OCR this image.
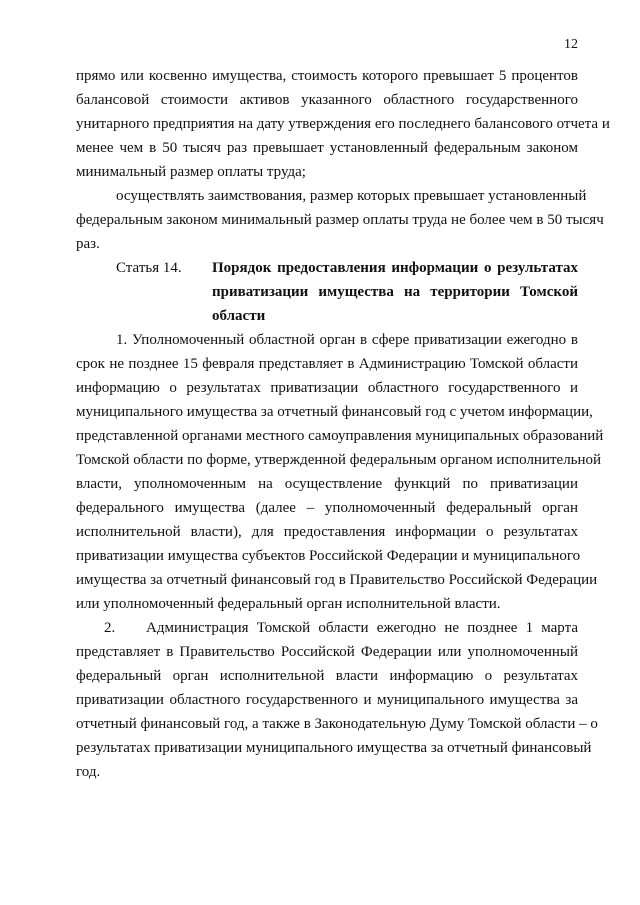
12
прямо или косвенно имущества, стоимость которого превышает 5 процентов
балансовой стоимости активов указанного областного государственного
унитарного предприятия на дату утверждения его последнего балансового отчета и
менее чем в 50 тысяч раз превышает установленный федеральным законом
минимальный размер оплаты труда;
осуществлять заимствования, размер которых превышает установленный
федеральным законом минимальный размер оплаты труда не более чем в 50 тысяч
раз.
Статья 14.	Порядок предоставления информации о результатах
приватизации имущества на территории Томской
области
1. Уполномоченный областной орган в сфере приватизации ежегодно в
срок не позднее 15 февраля представляет в Администрацию Томской области
информацию о результатах приватизации областного государственного и
муниципального имущества за отчетный финансовый год с учетом информации,
представленной органами местного самоуправления муниципальных образований
Томской области по форме, утвержденной федеральным органом исполнительной
власти, уполномоченным на осуществление функций по приватизации
федерального имущества (далее – уполномоченный федеральный орган
исполнительной власти), для предоставления информации о результатах
приватизации имущества субъектов Российской Федерации и муниципального
имущества за отчетный финансовый год в Правительство Российской Федерации
или уполномоченный федеральный орган исполнительной власти.
2.	Администрация Томской области ежегодно не позднее 1 марта
представляет в Правительство Российской Федерации или уполномоченный
федеральный орган исполнительной власти информацию о результатах
приватизации областного государственного и муниципального имущества за
отчетный финансовый год, а также в Законодательную Думу Томской области – о
результатах приватизации муниципального имущества за отчетный финансовый
год.
